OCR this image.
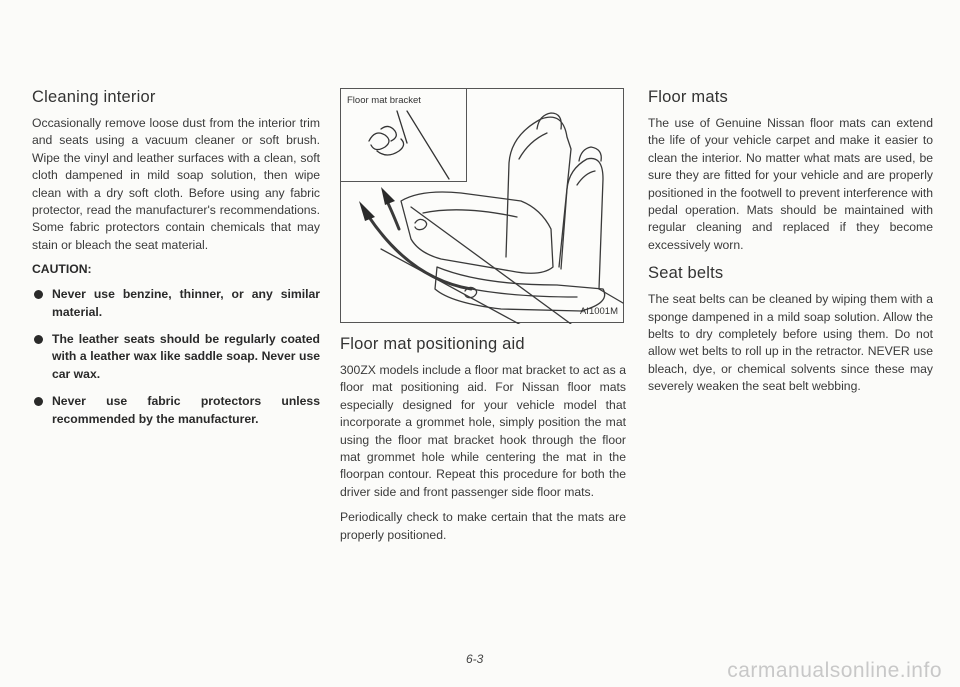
Cleaning interior

Occasionally remove loose dust from the interior trim and seats using a vacuum cleaner or soft brush. Wipe the vinyl and leather surfaces with a clean, soft cloth dampened in mild soap solution, then wipe clean with a dry soft cloth. Before using any fabric protector, read the manufacturer's recommendations. Some fabric protectors contain chemicals that may stain or bleach the seat material.

CAUTION:
Never use benzine, thinner, or any similar material.
The leather seats should be regularly coated with a leather wax like saddle soap. Never use car wax.
Never use fabric protectors unless recommended by the manufacturer.
Floor mat bracket
AI1001M
Floor mat positioning aid

300ZX models include a floor mat bracket to act as a floor mat positioning aid. For Nissan floor mats especially designed for your vehicle model that incorporate a grommet hole, simply position the mat using the floor mat bracket hook through the floor mat grommet hole while centering the mat in the floorpan contour. Repeat this procedure for both the driver side and front passenger side floor mats.

Periodically check to make certain that the mats are properly positioned.

Floor mats

The use of Genuine Nissan floor mats can extend the life of your vehicle carpet and make it easier to clean the interior. No matter what mats are used, be sure they are fitted for your vehicle and are properly positioned in the footwell to prevent interference with pedal operation. Mats should be maintained with regular cleaning and replaced if they become excessively worn.

Seat belts

The seat belts can be cleaned by wiping them with a sponge dampened in a mild soap solution. Allow the belts to dry completely before using them. Do not allow wet belts to roll up in the retractor. NEVER use bleach, dye, or chemical solvents since these may severely weaken the seat belt webbing.

6-3	carmanualsonline.info
